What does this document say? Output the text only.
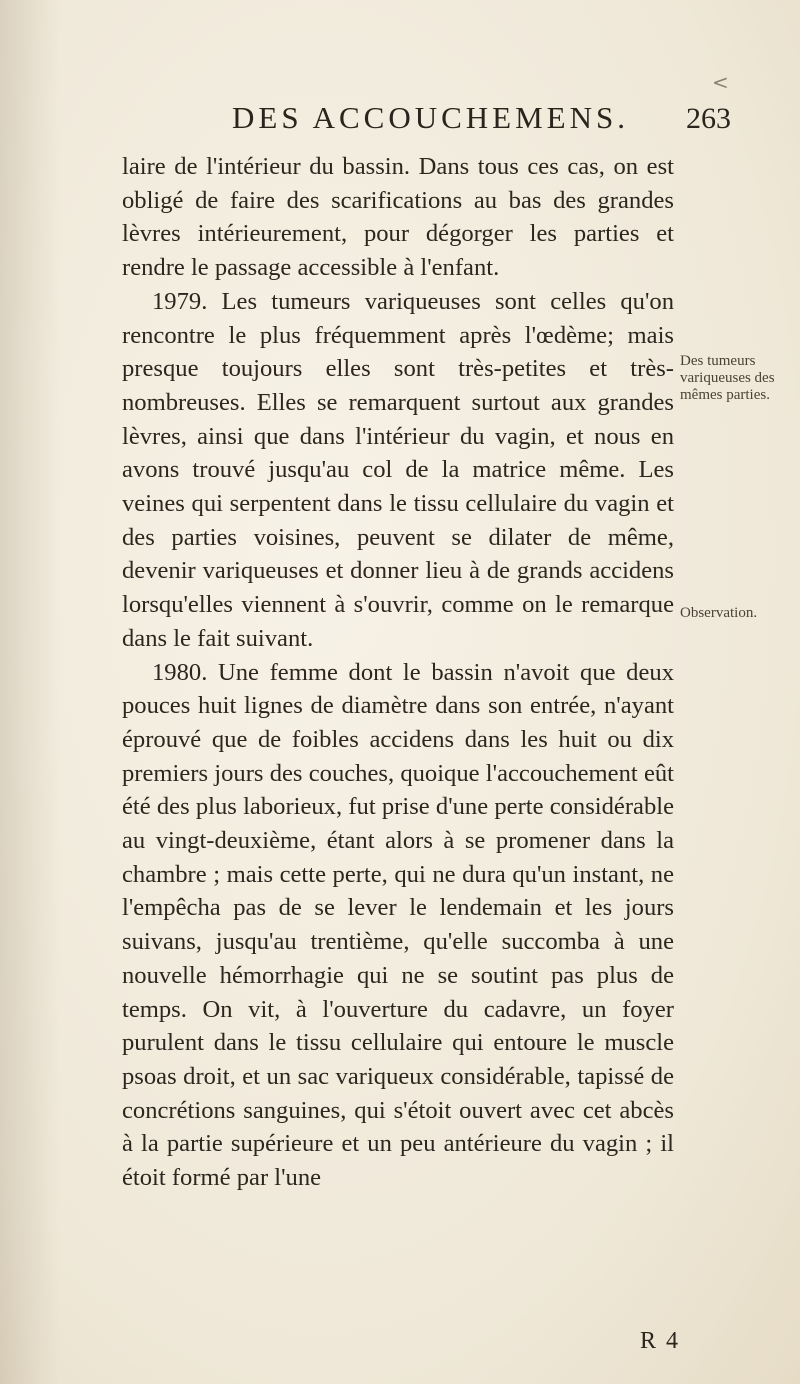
<
DES ACCOUCHEMENS. 263

laire de l'intérieur du bassin. Dans tous ces cas, on est obligé de faire des scarifications au bas des grandes lèvres intérieurement, pour dégorger les parties et rendre le passage accessible à l'enfant.

1979. Les tumeurs variqueuses sont celles qu'on rencontre le plus fréquemment après l'œdème; mais presque toujours elles sont très-petites et très-nombreuses. Elles se remarquent surtout aux grandes lèvres, ainsi que dans l'intérieur du vagin, et nous en avons trouvé jusqu'au col de la matrice même. Les veines qui serpentent dans le tissu cellulaire du vagin et des parties voisines, peuvent se dilater de même, devenir variqueuses et donner lieu à de grands accidens lorsqu'elles viennent à s'ouvrir, comme on le remarque dans le fait suivant.

1980. Une femme dont le bassin n'avoit que deux pouces huit lignes de diamètre dans son entrée, n'ayant éprouvé que de foibles accidens dans les huit ou dix premiers jours des couches, quoique l'accouchement eût été des plus laborieux, fut prise d'une perte considérable au vingt-deuxième, étant alors à se promener dans la chambre ; mais cette perte, qui ne dura qu'un instant, ne l'empêcha pas de se lever le lendemain et les jours suivans, jusqu'au trentième, qu'elle succomba à une nouvelle hémorrhagie qui ne se soutint pas plus de temps. On vit, à l'ouverture du cadavre, un foyer purulent dans le tissu cellulaire qui entoure le muscle psoas droit, et un sac variqueux considérable, tapissé de concrétions sanguines, qui s'étoit ouvert avec cet abcès à la partie supérieure et un peu antérieure du vagin ; il étoit formé par l'une

Des tumeurs variqueuses des mêmes parties.
Observation.
R 4
